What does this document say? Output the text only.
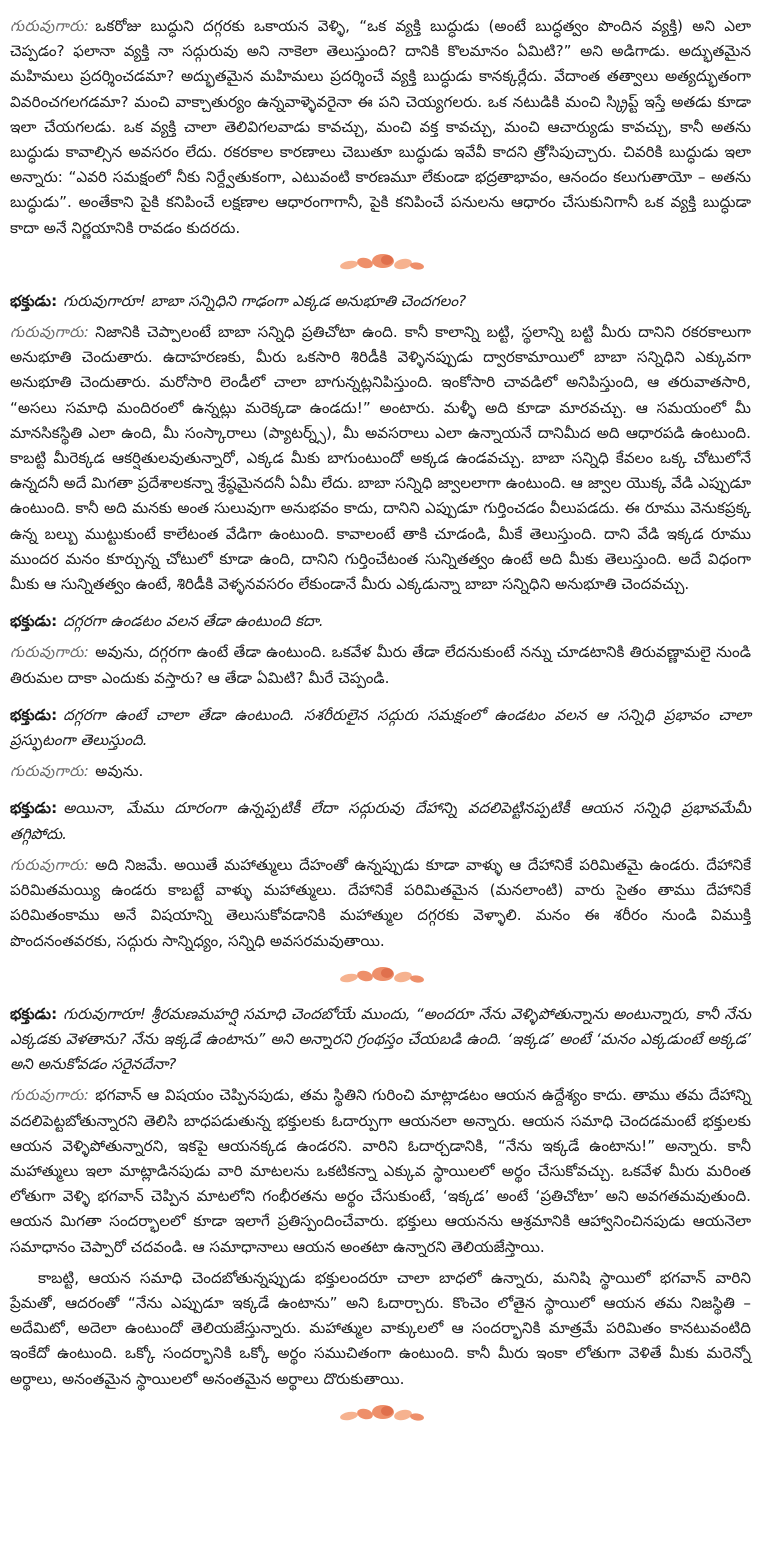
గురువుగారు: ఒకరోజు బుద్ధుని దగ్గరకు ఒకాయన వెళ్ళి, “ఒక వ్యక్తి బుద్ధుడు (అంటే బుద్ధత్వం పొందిన వ్యక్తి) అని ఎలా చెప్పడం? ఫలానా వ్యక్తి నా సద్గురువు అని నాకెలా తెలుస్తుంది? దానికి కొలమానం ఏమిటి?” అని అడిగాడు. అద్భుతమైన మహిమలు ప్రదర్శించడమా? అద్భుతమైన మహిమలు ప్రదర్శించే వ్యక్తి బుద్ధుడు కానక్కర్లేదు. వేదాంత తత్వాలు అత్యద్భుతంగా వివరించగలగడమా? మంచి వాక్చాతుర్యం ఉన్నవాళ్ళెవరైనా ఈ పని చెయ్యగలరు. ఒక నటుడికి మంచి స్క్రిప్ట్ ఇస్తే అతడు కూడా ఇలా చేయగలడు. ఒక వ్యక్తి చాలా తెలివిగలవాడు కావచ్చు, మంచి వక్త కావచ్చు, మంచి ఆచార్యుడు కావచ్చు, కానీ అతను బుద్ధుడు కావాల్సిన అవసరం లేదు. రకరకాల కారణాలు చెబుతూ బుద్ధుడు ఇవేవీ కాదని త్రోసిపుచ్చారు. చివరికి బుద్ధుడు ఇలా అన్నారు: “ఎవరి సమక్షంలో నీకు నిర్ద్వేతుకంగా, ఎటువంటి కారణమూ లేకుండా భద్రతాభావం, ఆనందం కలుగుతాయో – అతను బుద్ధుడు”. అంతేకాని పైకి కనిపించే లక్షణాల ఆధారంగాగానీ, పైకి కనిపించే పనులను ఆధారం చేసుకునిగానీ ఒక వ్యక్తి బుద్ధుడా కాదా అనే నిర్ణయానికి రావడం కుదరదు.

భక్తుడు: గురువుగారూ! బాబా సన్నిధిని గాఢంగా ఎక్కడ అనుభూతి చెందగలం?

గురువుగారు: నిజానికి చెప్పాలంటే బాబా సన్నిధి ప్రతిచోటా ఉంది. కానీ కాలాన్ని బట్టి, స్థలాన్ని బట్టి మీరు దానిని రకరకాలుగా అనుభూతి చెందుతారు. ఉదాహరణకు, మీరు ఒకసారి శిరిడీకి వెళ్ళినప్పుడు ద్వారకామాయిలో బాబా సన్నిధిని ఎక్కువగా అనుభూతి చెందుతారు. మరోసారి లెండీలో చాలా బాగున్నట్లనిపిస్తుంది. ఇంకోసారి చావడిలో అనిపిస్తుంది, ఆ తరువాతసారి, “అసలు సమాధి మందిరంలో ఉన్నట్లు మరెక్కడా ఉండదు!” అంటారు. మళ్ళీ అది కూడా మారవచ్చు. ఆ సమయంలో మీ మానసికస్థితి ఎలా ఉంది, మీ సంస్కారాలు (ప్యాటర్న్స్), మీ అవసరాలు ఎలా ఉన్నాయనే దానిమీద అది ఆధారపడి ఉంటుంది. కాబట్టి మీరెక్కడ ఆకర్షితులవుతున్నారో, ఎక్కడ మీకు బాగుంటుందో అక్కడ ఉండవచ్చు. బాబా సన్నిధి కేవలం ఒక్క చోటులోనే ఉన్నదనీ అదే మిగతా ప్రదేశాలకన్నా శ్రేష్ఠమైనదనీ ఏమీ లేదు. బాబా సన్నిధి జ్వాలలాగా ఉంటుంది. ఆ జ్వాల యొక్క వేడి ఎప్పుడూ ఉంటుంది. కానీ అది మనకు అంత సులువుగా అనుభవం కాదు, దానిని ఎప్పుడూ గుర్తించడం వీలుపడదు. ఈ రూము వెనుకప్రక్క ఉన్న బల్బు ముట్టుకుంటే కాలేటంత వేడిగా ఉంటుంది. కావాలంటే తాకి చూడండి, మీకే తెలుస్తుంది. దాని వేడి ఇక్కడ రూము ముందర మనం కూర్చున్న చోటులో కూడా ఉంది, దానిని గుర్తించేటంత సున్నితత్వం ఉంటే అది మీకు తెలుస్తుంది. అదే విధంగా మీకు ఆ సున్నితత్వం ఉంటే, శిరిడీకి వెళ్ళనవసరం లేకుండానే మీరు ఎక్కడున్నా బాబా సన్నిధిని అనుభూతి చెందవచ్చు.

భక్తుడు: దగ్గరగా ఉండటం వలన తేడా ఉంటుంది కదా.

గురువుగారు: అవును, దగ్గరగా ఉంటే తేడా ఉంటుంది. ఒకవేళ మీరు తేడా లేదనుకుంటే నన్ను చూడటానికి తిరువణ్ణామలై నుండి తిరుమల దాకా ఎందుకు వస్తారు? ఆ తేడా ఏమిటి? మీరే చెప్పండి.

భక్తుడు: దగ్గరగా ఉంటే చాలా తేడా ఉంటుంది. సశరీరులైన సద్గురు సమక్షంలో ఉండటం వలన ఆ సన్నిధి ప్రభావం చాలా ప్రస్ఫుటంగా తెలుస్తుంది.

గురువుగారు: అవును.

భక్తుడు: అయినా, మేము దూరంగా ఉన్నప్పటికీ లేదా సద్గురువు దేహాన్ని వదలిపెట్టినప్పటికీ ఆయన సన్నిధి ప్రభావమేమీ తగ్గిపోదు.

గురువుగారు: అది నిజమే. అయితే మహాత్ములు దేహంతో ఉన్నప్పుడు కూడా వాళ్ళు ఆ దేహానికే పరిమితమై ఉండరు. దేహానికే పరిమితమయ్యి ఉండరు కాబట్టే వాళ్ళు మహాత్ములు. దేహానికే పరిమితమైన (మనలాంటి) వారు సైతం తాము దేహానికే పరిమితంకాము అనే విషయాన్ని తెలుసుకోవడానికి మహాత్ముల దగ్గరకు వెళ్ళాలి. మనం ఈ శరీరం నుండి విముక్తి పొందనంతవరకు, సద్గురు సాన్నిధ్యం, సన్నిధి అవసరమవుతాయి.

భక్తుడు: గురువుగారూ! శ్రీరమణమహర్షి సమాధి చెందబోయే ముందు, “అందరూ నేను వెళ్ళిపోతున్నాను అంటున్నారు, కానీ నేను ఎక్కడకు వెళతాను? నేను ఇక్కడే ఉంటాను” అని అన్నారని గ్రంథస్తం చేయబడి ఉంది. ‘ఇక్కడ’ అంటే ‘మనం ఎక్కడుంటే అక్కడ’ అని అనుకోవడం సరైనదేనా?

గురువుగారు: భగవాన్ ఆ విషయం చెప్పినపుడు, తమ స్థితిని గురించి మాట్లాడటం ఆయన ఉద్దేశ్యం కాదు. తాము తమ దేహాన్ని వదలిపెట్టబోతున్నారని తెలిసి బాధపడుతున్న భక్తులకు ఓదార్పుగా ఆయనలా అన్నారు. ఆయన సమాధి చెందడమంటే భక్తులకు ఆయన వెళ్ళిపోతున్నారని, ఇకపై ఆయనక్కడ ఉండరని. వారిని ఓదార్చడానికి, “నేను ఇక్కడే ఉంటాను!” అన్నారు. కానీ మహాత్ములు ఇలా మాట్లాడినపుడు వారి మాటలను ఒకటికన్నా ఎక్కువ స్థాయిలలో అర్థం చేసుకోవచ్చు. ఒకవేళ మీరు మరింత లోతుగా వెళ్ళి భగవాన్ చెప్పిన మాటలోని గంభీరతను అర్థం చేసుకుంటే, ‘ఇక్కడ’ అంటే ‘ప్రతిచోటా’ అని అవగతమవుతుంది. ఆయన మిగతా సందర్భాలలో కూడా ఇలాగే ప్రతిస్పందించేవారు. భక్తులు ఆయనను ఆశ్రమానికి ఆహ్వానించినపుడు ఆయనెలా సమాధానం చెప్పారో చదవండి. ఆ సమాధానాలు ఆయన అంతటా ఉన్నారని తెలియజేస్తాయి.

కాబట్టి, ఆయన సమాధి చెందబోతున్నప్పుడు భక్తులందరూ చాలా బాధలో ఉన్నారు, మనిషి స్థాయిలో భగవాన్ వారిని ప్రేమతో, ఆదరంతో “నేను ఎప్పుడూ ఇక్కడే ఉంటాను” అని ఓదార్చారు. కొంచెం లోతైన స్థాయిలో ఆయన తమ నిజస్థితి – అదేమిటో, అదెలా ఉంటుందో తెలియజేస్తున్నారు. మహాత్ముల వాక్కులలో ఆ సందర్భానికి మాత్రమే పరిమితం కానటువంటిది ఇంకేదో ఉంటుంది. ఒక్కో సందర్భానికి ఒక్కో అర్థం సముచితంగా ఉంటుంది. కానీ మీరు ఇంకా లోతుగా వెళితే మీకు మరెన్నో అర్థాలు, అనంతమైన స్థాయిలలో అనంతమైన అర్థాలు దొరుకుతాయి.
